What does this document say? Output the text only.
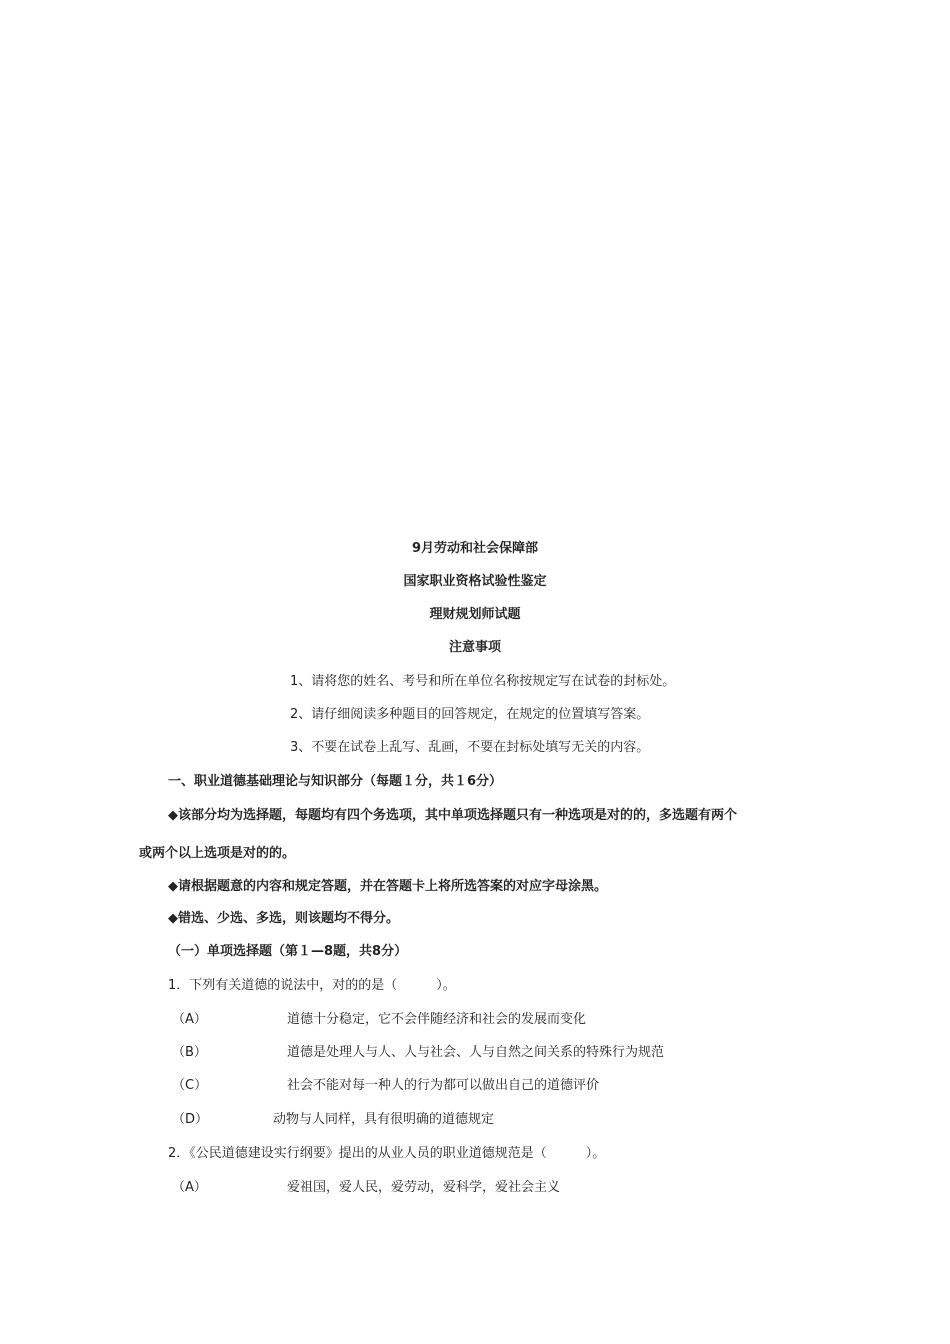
9月劳动和社会保障部
国家职业资格试验性鉴定
理财规划师试题
注意事项
1、请将您的姓名、考号和所在单位名称按规定写在试卷的封标处。
2、请仔细阅读多种题目的回答规定，在规定的位置填写答案。
3、不要在试卷上乱写、乱画，不要在封标处填写无关的内容。
一、职业道德基础理论与知识部分（每题１分，共１6分）
◆该部分均为选择题，每题均有四个务选项，其中单项选择题只有一种选项是对的的，多选题有两个
或两个以上选项是对的的。
◆请根据题意的内容和规定答题，并在答题卡上将所选答案的对应字母涂黑。
◆错选、少选、多选，则该题均不得分。
（一）单项选择题（第１—8题，共8分）
1．下列有关道德的说法中，对的的是（　　　）。
（A）	道德十分稳定，它不会伴随经济和社会的发展而变化
（B）	道德是处理人与人、人与社会、人与自然之间关系的特殊行为规范
（C）	社会不能对每一种人的行为都可以做出自己的道德评价
（D）	动物与人同样，具有很明确的道德规定
2．《公民道德建设实行纲要》提出的从业人员的职业道德规范是（　　　）。
（A）	爱祖国，爱人民，爱劳动，爱科学，爱社会主义
